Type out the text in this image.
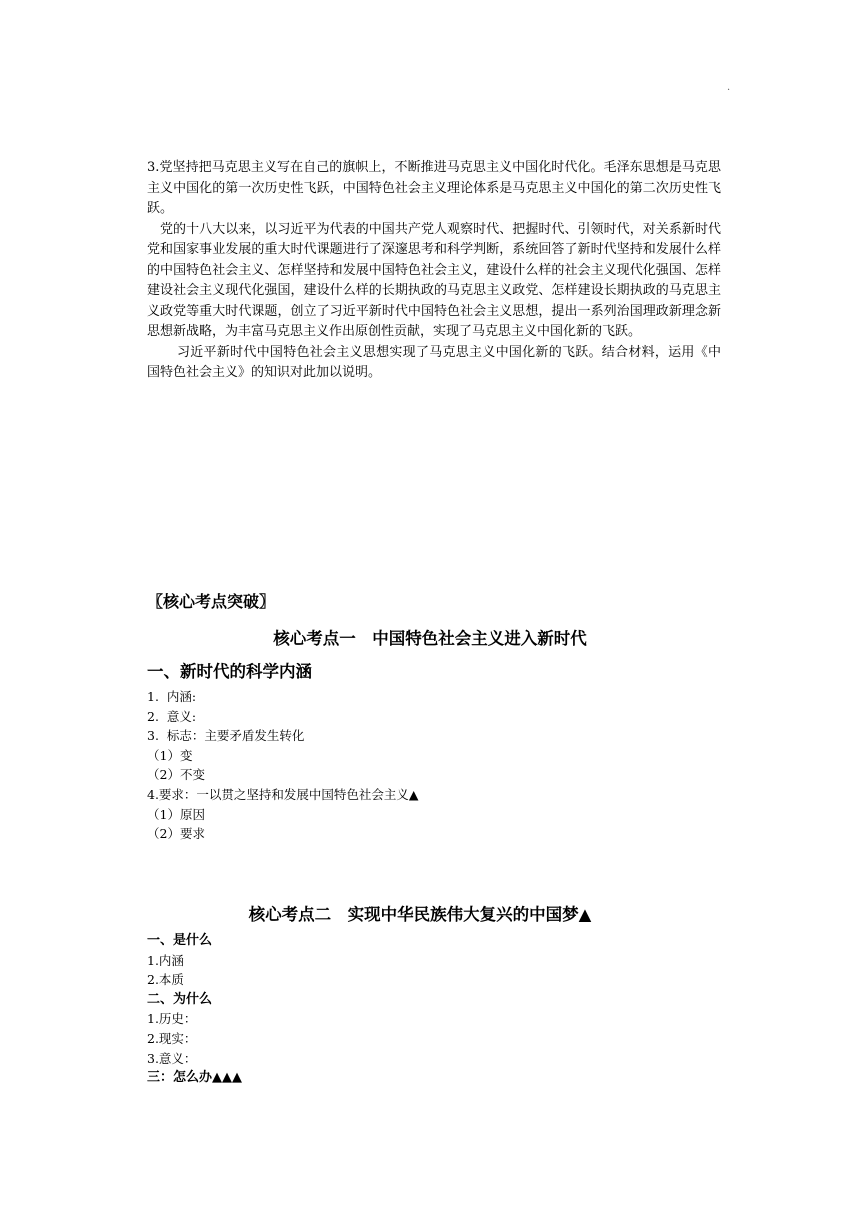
·

3.党坚持把马克思主义写在自己的旗帜上，不断推进马克思主义中国化时代化。毛泽东思想是马克思主义中国化的第一次历史性飞跃，中国特色社会主义理论体系是马克思主义中国化的第二次历史性飞跃。

党的十八大以来，以习近平为代表的中国共产党人观察时代、把握时代、引领时代，对关系新时代党和国家事业发展的重大时代课题进行了深邃思考和科学判断，系统回答了新时代坚持和发展什么样的中国特色社会主义、怎样坚持和发展中国特色社会主义，建设什么样的社会主义现代化强国、怎样建设社会主义现代化强国，建设什么样的长期执政的马克思主义政党、怎样建设长期执政的马克思主义政党等重大时代课题，创立了习近平新时代中国特色社会主义思想，提出一系列治国理政新理念新思想新战略，为丰富马克思主义作出原创性贡献，实现了马克思主义中国化新的飞跃。

习近平新时代中国特色社会主义思想实现了马克思主义中国化新的飞跃。结合材料，运用《中国特色社会主义》的知识对此加以说明。

〖核心考点突破〗
核心考点一　中国特色社会主义进入新时代
一、新时代的科学内涵
1.  内涵:
2.  意义:
3.  标志：主要矛盾发生转化
（1）变
（2）不变
4.要求：一以贯之坚持和发展中国特色社会主义▲
（1）原因
（2）要求
核心考点二　实现中华民族伟大复兴的中国梦▲
一、是什么
1.内涵
2.本质
二、为什么
1.历史：
2.现实：
3.意义：
三：怎么办▲▲▲
